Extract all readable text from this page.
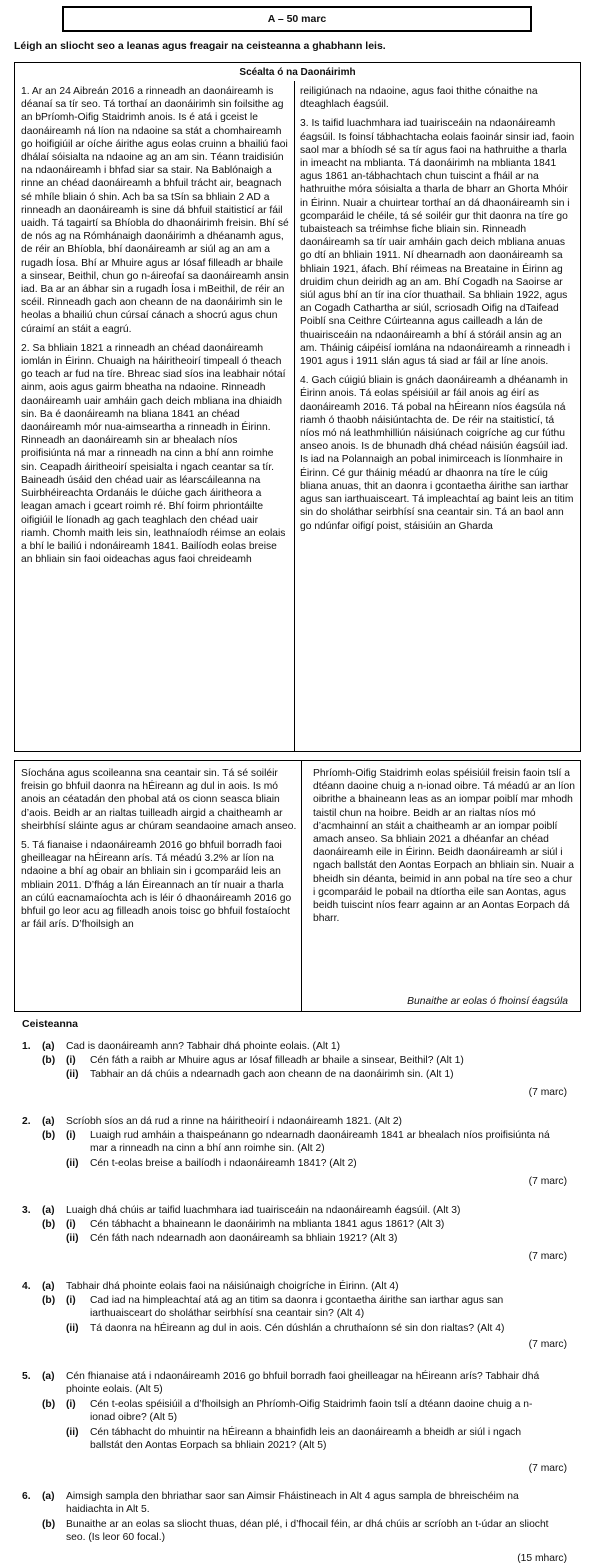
A – 50 marc
Léigh an sliocht seo a leanas agus freagair na ceisteanna a ghabhann leis.
Scéalta ó na Daonáirimh

1. Ar an 24 Aibreán 2016 a rinneadh an daonáireamh is déanaí sa tír seo. Tá torthaí an daonáirimh sin foilsithe ag an bPríomh-Oifig Staidrimh anois. Is é atá i gceist le daonáireamh ná líon na ndaoine sa stát a chomhaireamh go hoifigiúil ar oíche áirithe agus eolas cruinn a bhailiú faoi dhálaí sóisialta na ndaoine ag an am sin. Téann traidisiún na ndaonáireamh i bhfad siar sa stair. Na Bablónaigh a rinne an chéad daonáireamh a bhfuil trácht air, beagnach sé mhíle bliain ó shin. Ach ba sa tSín sa bhliain 2 AD a rinneadh an daonáireamh is sine dá bhfuil staitisticí ar fáil uaidh. Tá tagairtí sa Bhíobla do dhaonáirimh freisin. Bhí sé de nós ag na Rómhánaigh daonáirimh a dhéanamh agus, de réir an Bhíobla, bhí daonáireamh ar siúl ag an am a rugadh Íosa. Bhí ar Mhuire agus ar Iósaf filleadh ar bhaile a sinsear, Beithil, chun go n-áireofaí sa daonáireamh ansin iad. Ba ar an ábhar sin a rugadh Íosa i mBeithil, de réir an scéil. Rinneadh gach aon cheann de na daonáirimh sin le heolas a bhailiú chun cúrsaí cánach a shocrú agus chun cúraimí an stáit a eagrú.

2. Sa bhliain 1821 a rinneadh an chéad daonáireamh iomlán in Éirinn. Chuaigh na háiritheoirí timpeall ó theach go teach ar fud na tíre. Bhreac siad síos ina leabhair nótaí ainm, aois agus gairm bheatha na ndaoine. Rinneadh daonáireamh uair amháin gach deich mbliana ina dhiaidh sin. Ba é daonáireamh na bliana 1841 an chéad daonáireamh mór nua-aimseartha a rinneadh in Éirinn. Rinneadh an daonáireamh sin ar bhealach níos proifisiúnta ná mar a rinneadh na cinn a bhí ann roimhe sin. Ceapadh áiritheoirí speisialta i ngach ceantar sa tír. Baineadh úsáid den chéad uair as léarscáileanna na Suirbhéireachta Ordanáis le dúiche gach áiritheora a leagan amach i gceart roimh ré. Bhí foirm phriontáilte oifigiúil le líonadh ag gach teaghlach den chéad uair riamh. Chomh maith leis sin, leathnaíodh réimse an eolais a bhí le bailiú i ndonáireamh 1841. Bailíodh eolas breise an bhliain sin faoi oideachas agus faoi chreideamh

reiligiúnach na ndaoine, agus faoi thithe cónaithe na dteaghlach éagsúil.

3. Is taifid luachmhara iad tuairisceáin na ndaonáireamh éagsúil. Is foinsí tábhachtacha eolais faoinár sinsir iad, faoin saol mar a bhíodh sé sa tír agus faoi na hathruithe a tharla in imeacht na mblianta. Tá daonáirimh na mblianta 1841 agus 1861 an-tábhachtach chun tuiscint a fháil ar na hathruithe móra sóisialta a tharla de bharr an Ghorta Mhóir in Éirinn. Nuair a chuirtear torthaí an dá dhaonáireamh sin i gcomparáid le chéile, tá sé soiléir gur thit daonra na tíre go tubaisteach sa tréimhse fiche bliain sin. Rinneadh daonáireamh sa tír uair amháin gach deich mbliana anuas go dtí an bhliain 1911. Ní dhearnadh aon daonáireamh sa bhliain 1921, áfach. Bhí réimeas na Breataine in Éirinn ag druidim chun deiridh ag an am. Bhí Cogadh na Saoirse ar siúl agus bhí an tír ina cíor thuathail. Sa bhliain 1922, agus an Cogadh Cathartha ar siúl, scriosadh Oifig na dTaifead Poiblí sna Ceithre Cúirteanna agus cailleadh a lán de thuairisceáin na ndaonáireamh a bhí á stóráil ansin ag an am. Tháinig cáipéisí iomlána na ndaonáireamh a rinneadh i 1901 agus i 1911 slán agus tá siad ar fáil ar líne anois.

4. Gach cúigiú bliain is gnách daonáireamh a dhéanamh in Éirinn anois. Tá eolas spéisiúil ar fáil anois ag éirí as daonáireamh 2016. Tá pobal na hÉireann níos éagsúla ná riamh ó thaobh náisiúntachta de. De réir na staitisticí, tá níos mó ná leathmhilliún náisiúnach coigríche ag cur fúthu anseo anois. Is de bhunadh dhá chéad náisiún éagsúil iad. Is iad na Polannaigh an pobal inimirceach is líonmhaire in Éirinn. Cé gur tháinig méadú ar dhaonra na tíre le cúig bliana anuas, thit an daonra i gcontaetha áirithe san iarthar agus san iarthuaisceart. Tá impleachtaí ag baint leis an titim sin do sholáthar seirbhísí sna ceantair sin. Tá an baol ann go ndúnfar oifigí poist, stáisiúin an Gharda

Síochána agus scoileanna sna ceantair sin. Tá sé soiléir freisin go bhfuil daonra na hÉireann ag dul in aois. Is mó anois an céatadán den phobal atá os cionn seasca bliain d’aois. Beidh ar an rialtas tuilleadh airgid a chaitheamh ar sheirbhísí sláinte agus ar chúram seandaoine amach anseo.

5. Tá fianaise i ndaonáireamh 2016 go bhfuil borradh faoi gheilleagar na hÉireann arís. Tá méadú 3.2% ar líon na ndaoine a bhí ag obair an bhliain sin i gcomparáid leis an mbliain 2011. D’fhág a lán Éireannach an tír nuair a tharla an cúlú eacnamaíochta ach is léir ó dhaonáireamh 2016 go bhfuil go leor acu ag filleadh anois toisc go bhfuil fostaíocht ar fáil arís. D’fhoilsigh an

Phríomh-Oifig Staidrimh eolas spéisiúil freisin faoin tslí a dtéann daoine chuig a n-ionad oibre. Tá méadú ar an líon oibrithe a bhaineann leas as an iompar poiblí mar mhodh taistil chun na hoibre. Beidh ar an rialtas níos mó d’acmhainní an stáit a chaitheamh ar an iompar poiblí amach anseo. Sa bhliain 2021 a dhéanfar an chéad daonáireamh eile in Éirinn. Beidh daonáireamh ar siúl i ngach ballstát den Aontas Eorpach an bhliain sin. Nuair a bheidh sin déanta, beimid in ann pobal na tíre seo a chur i gcomparáid le pobail na dtíortha eile san Aontas, agus beidh tuiscint níos fearr againn ar an Aontas Eorpach dá bharr.

Bunaithe ar eolas ó fhoinsí éagsúla
Ceisteanna
1. (a) Cad is daonáireamh ann? Tabhair dhá phointe eolais. (Alt 1)
(b) (i) Cén fáth a raibh ar Mhuire agus ar Iósaf filleadh ar bhaile a sinsear, Beithil? (Alt 1)
(ii) Tabhair an dá chúis a ndearnadh gach aon cheann de na daonáirimh sin. (Alt 1)
(7 marc)
2. (a) Scríobh síos an dá rud a rinne na háiritheoirí i ndaonáireamh 1821. (Alt 2)
(b) (i) Luaigh rud amháin a thaispeánann go ndearnadh daonáireamh 1841 ar bhealach níos proifisiúnta ná mar a rinneadh na cinn a bhí ann roimhe sin. (Alt 2)
(ii) Cén t-eolas breise a bailíodh i ndaonáireamh 1841? (Alt 2)
(7 marc)
3. (a) Luaigh dhá chúis ar taifid luachmhara iad tuairisceáin na ndaonáireamh éagsúil. (Alt 3)
(b) (i) Cén tábhacht a bhaineann le daonáirimh na mblianta 1841 agus 1861? (Alt 3)
(ii) Cén fáth nach ndearnadh aon daonáireamh sa bhliain 1921? (Alt 3)
(7 marc)
4. (a) Tabhair dhá phointe eolais faoi na náisiúnaigh choigríche in Éirinn. (Alt 4)
(b) (i) Cad iad na himpleachtaí atá ag an titim sa daonra i gcontaetha áirithe san iarthar agus san iarthuaisceart do sholáthar seirbhísí sna ceantair sin? (Alt 4)
(ii) Tá daonra na hÉireann ag dul in aois. Cén dúshlán a chruthaíonn sé sin don rialtas? (Alt 4)
(7 marc)
5. (a) Cén fhianaise atá i ndaonáireamh 2016 go bhfuil borradh faoi gheilleagar na hÉireann arís? Tabhair dhá phointe eolais. (Alt 5)
(b) (i) Cén t-eolas spéisiúil a d’fhoilsigh an Phríomh-Oifig Staidrimh faoin tslí a dtéann daoine chuig a n-ionad oibre? (Alt 5)
(ii) Cén tábhacht do mhuintir na hÉireann a bhainfidh leis an daonáireamh a bheidh ar siúl i ngach ballstát den Aontas Eorpach sa bhliain 2021? (Alt 5)
(7 marc)
6. (a) Aimsigh sampla den bhriathar saor san Aimsir Fháistineach in Alt 4 agus sampla de bhreischéim na haidiachta in Alt 5.
(b) Bunaithe ar an eolas sa sliocht thuas, déan plé, i d’fhocail féin, ar dhá chúis ar scríobh an t-údar an sliocht seo. (Is leor 60 focal.)
(15 mharc)
